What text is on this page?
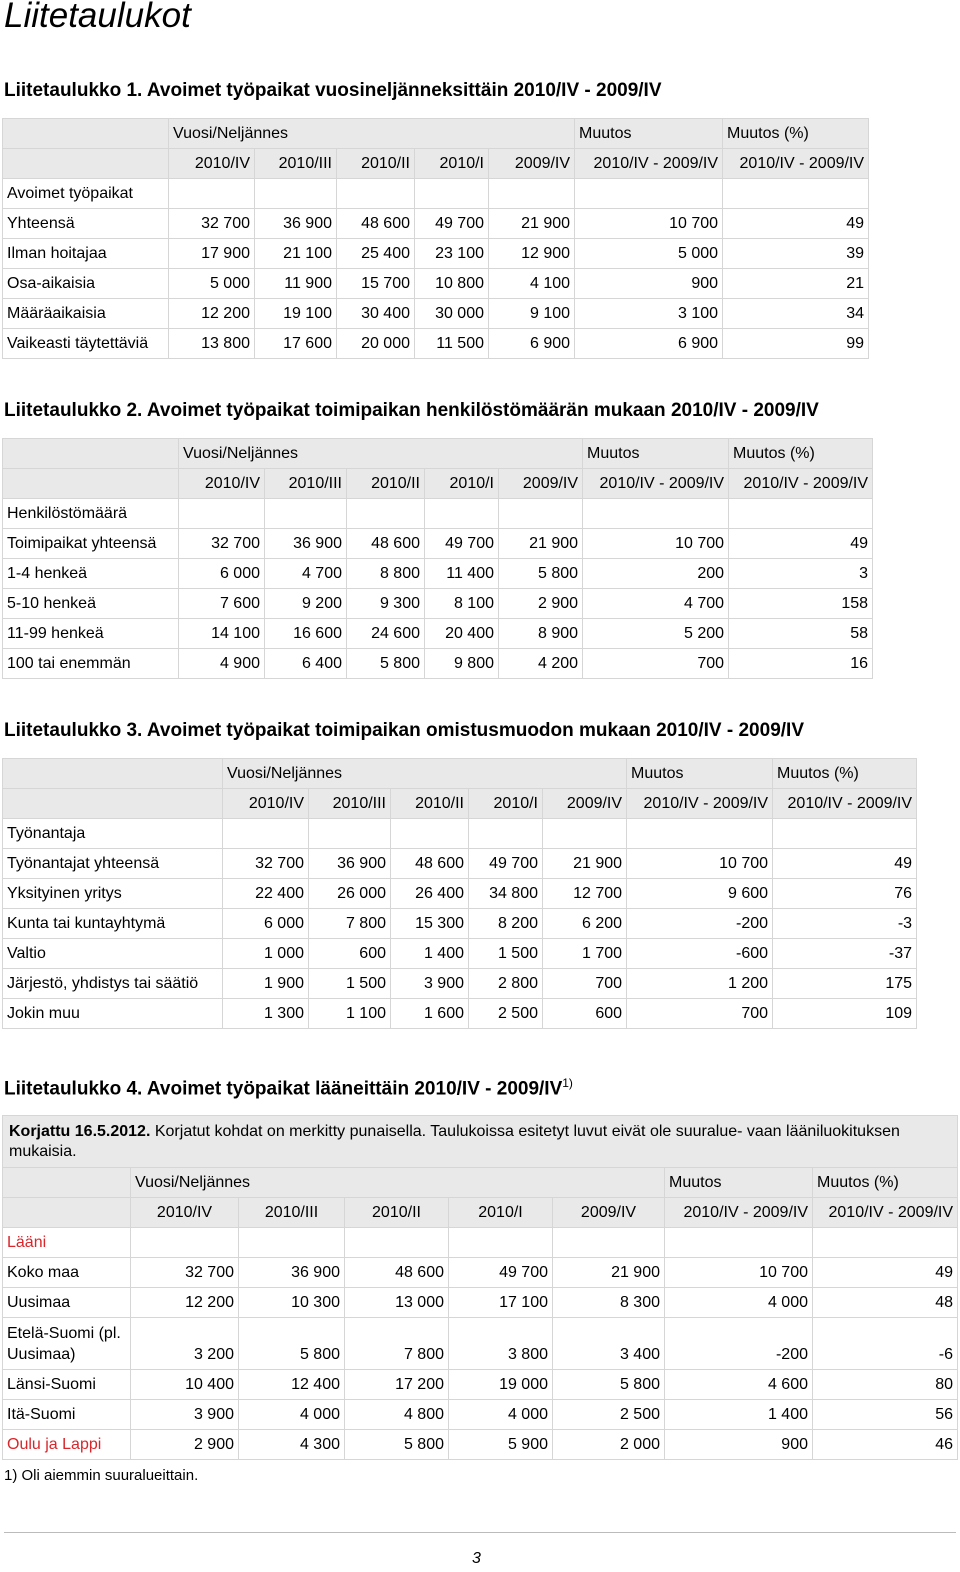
Liitetaulukot
Liitetaulukko 1. Avoimet työpaikat vuosineljänneksittäin 2010/IV - 2009/IV
	Vuosi/Neljännes					Muutos	Muutos (%)
	2010/IV	2010/III	2010/II	2010/I	2009/IV	2010/IV - 2009/IV	2010/IV - 2009/IV
Avoimet työpaikat							
Yhteensä	32 700	36 900	48 600	49 700	21 900	10 700	49
Ilman hoitajaa	17 900	21 100	25 400	23 100	12 900	5 000	39
Osa-aikaisia	5 000	11 900	15 700	10 800	4 100	900	21
Määräaikaisia	12 200	19 100	30 400	30 000	9 100	3 100	34
Vaikeasti täytettäviä	13 800	17 600	20 000	11 500	6 900	6 900	99
Liitetaulukko 2. Avoimet työpaikat toimipaikan henkilöstömäärän mukaan 2010/IV - 2009/IV
	Vuosi/Neljännes					Muutos	Muutos (%)
	2010/IV	2010/III	2010/II	2010/I	2009/IV	2010/IV - 2009/IV	2010/IV - 2009/IV
Henkilöstömäärä							
Toimipaikat yhteensä	32 700	36 900	48 600	49 700	21 900	10 700	49
1-4 henkeä	6 000	4 700	8 800	11 400	5 800	200	3
5-10 henkeä	7 600	9 200	9 300	8 100	2 900	4 700	158
11-99 henkeä	14 100	16 600	24 600	20 400	8 900	5 200	58
100 tai enemmän	4 900	6 400	5 800	9 800	4 200	700	16
Liitetaulukko 3. Avoimet työpaikat toimipaikan omistusmuodon mukaan 2010/IV - 2009/IV
	Vuosi/Neljännes					Muutos	Muutos (%)
	2010/IV	2010/III	2010/II	2010/I	2009/IV	2010/IV - 2009/IV	2010/IV - 2009/IV
Työnantaja							
Työnantajat yhteensä	32 700	36 900	48 600	49 700	21 900	10 700	49
Yksityinen yritys	22 400	26 000	26 400	34 800	12 700	9 600	76
Kunta tai kuntayhtymä	6 000	7 800	15 300	8 200	6 200	-200	-3
Valtio	1 000	600	1 400	1 500	1 700	-600	-37
Järjestö, yhdistys tai säätiö	1 900	1 500	3 900	2 800	700	1 200	175
Jokin muu	1 300	1 100	1 600	2 500	600	700	109
Liitetaulukko 4. Avoimet työpaikat lääneittäin 2010/IV - 2009/IV$^{1)}$
Korjattu 16.5.2012. Korjatut kohdat on merkitty punaisella. Taulukoissa esitetyt luvut eivät ole suuralue- vaan lääniluokituksen mukaisia.							
	Vuosi/Neljännes					Muutos	Muutos (%)
	2010/IV	2010/III	2010/II	2010/I	2009/IV	2010/IV - 2009/IV	2010/IV - 2009/IV
Lääni							
Koko maa	32 700	36 900	48 600	49 700	21 900	10 700	49
Uusimaa	12 200	10 300	13 000	17 100	8 300	4 000	48
Etelä-Suomi (pl. Uusimaa)	3 200	5 800	7 800	3 800	3 400	-200	-6
Länsi-Suomi	10 400	12 400	17 200	19 000	5 800	4 600	80
Itä-Suomi	3 900	4 000	4 800	4 000	2 500	1 400	56
Oulu ja Lappi	2 900	4 300	5 800	5 900	2 000	900	46
1) Oli aiemmin suuralueittain.
3
